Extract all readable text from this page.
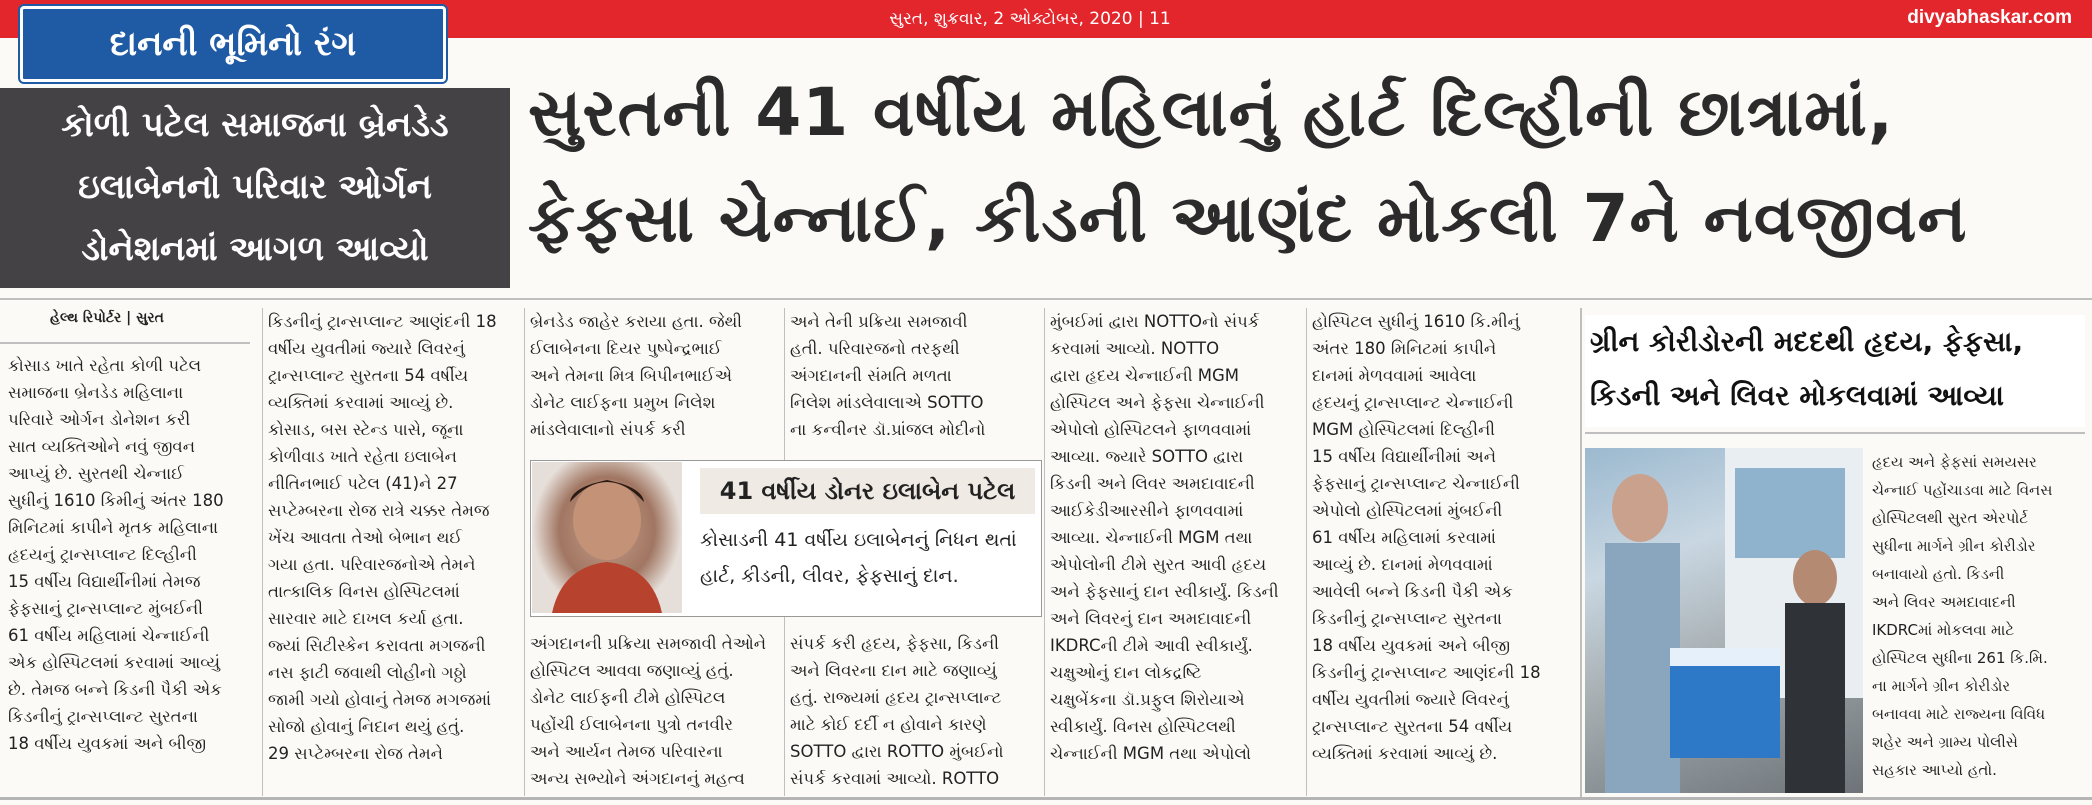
સુરત, શુક્રવાર, 2 ઓક્ટોબર, 2020 | 11	divyabhaskar.com
દાનની ભૂમિનો રંગ
કોળી પટેલ સમાજના બ્રેનડેડ
ઇલાબેનનો પરિવાર ઓર્ગન
ડોનેશનમાં આગળ આવ્યો
સુરતની 41 વર્ષીય મહિલાનું હાર્ટ દિલ્હીની છાત્રામાં,
ફેફસા ચેન્નાઈ, કીડની આણંદ મોકલી 7ને નવજીવન
હેલ્થ રિપોર્ટર | સુરત
કોસાડ ખાતે રહેતા કોળી પટેલ
સમાજના બ્રેનડેડ મહિલાના
પરિવારે ઓર્ગન ડોનેશન કરી
સાત વ્યક્તિઓને નવું જીવન
આપ્યું છે. સુરતથી ચેન્નાઈ
સુધીનું 1610 કિમીનું અંતર 180
મિનિટમાં કાપીને મૃતક મહિલાના
હૃદયનું ટ્રાન્સપ્લાન્ટ દિલ્હીની
15 વર્ષીય વિદ્યાર્થીનીમાં તેમજ
ફેફસાનું ટ્રાન્સપ્લાન્ટ મુંબઈની
61 વર્ષીય મહિલામાં ચેન્નાઈની
એક હોસ્પિટલમાં કરવામાં આવ્યું
છે. તેમજ બન્ને કિડની પૈકી એક
કિડનીનું ટ્રાન્સપ્લાન્ટ સુરતના
18 વર્ષીય યુવકમાં અને બીજી
કિડનીનું ટ્રાન્સપ્લાન્ટ આણંદની 18
વર્ષીય યુવતીમાં જ્યારે લિવરનું
ટ્રાન્સપ્લાન્ટ સુરતના 54 વર્ષીય
વ્યક્તિમાં કરવામાં આવ્યું છે.
કોસાડ, બસ સ્ટેન્ડ પાસે, જૂના
કોળીવાડ ખાતે રહેતા ઇલાબેન
નીતિનભાઈ પટેલ (41)ને 27
સપ્ટેમ્બરના રોજ રાત્રે ચક્કર તેમજ
ખેંચ આવતા તેઓ બેભાન થઈ
ગયા હતા. પરિવારજનોએ તેમને
તાત્કાલિક વિનસ હોસ્પિટલમાં
સારવાર માટે દાખલ કર્યા હતા.
જ્યાં સિટીસ્કેન કરાવતા મગજની
નસ ફાટી જવાથી લોહીનો ગઠ્ઠો
જામી ગયો હોવાનું તેમજ મગજમાં
સોજો હોવાનું નિદાન થયું હતું.
29 સપ્ટેમ્બરના રોજ તેમને
બ્રેનડેડ જાહેર કરાયા હતા. જેથી
ઈલાબેનના દિયર પુષ્પેન્દ્રભાઈ
અને તેમના મિત્ર બિપીનભાઈએ
ડોનેટ લાઈફના પ્રમુખ નિલેશ
માંડલેવાલાનો સંપર્ક કરી
અને તેની પ્રક્રિયા સમજાવી
હતી. પરિવારજનો તરફથી
અંગદાનની સંમતિ મળતા
નિલેશ માંડલેવાલાએ SOTTO
ના કન્વીનર ડૉ.પ્રાંજલ મોદીનો
અંગદાનની પ્રક્રિયા સમજાવી તેઓને
હોસ્પિટલ આવવા જણાવ્યું હતું.
ડોનેટ લાઈફની ટીમે હોસ્પિટલ
પહોંચી ઈલાબેનના પુત્રો તનવીર
અને આર્યન તેમજ પરિવારના
અન્ય સભ્યોને અંગદાનનું મહત્વ
સંપર્ક કરી હૃદય, ફેફસા, કિડની
અને લિવરના દાન માટે જણાવ્યું
હતું. રાજ્યમાં હૃદય ટ્રાન્સપ્લાન્ટ
માટે કોઈ દર્દી ન હોવાને કારણે
SOTTO દ્વારા ROTTO મુંબઈનો
સંપર્ક કરવામાં આવ્યો. ROTTO
મુંબઈમાં દ્વારા NOTTOનો સંપર્ક
કરવામાં આવ્યો. NOTTO
દ્વારા હૃદય ચેન્નાઈની MGM
હોસ્પિટલ અને ફેફસા ચેન્નાઈની
એપોલો હોસ્પિટલને ફાળવવામાં
આવ્યા. જ્યારે SOTTO દ્વારા
કિડની અને લિવર અમદાવાદની
આઈકેડીઆરસીને ફાળવવામાં
આવ્યા. ચેન્નાઈની MGM તથા
એપોલોની ટીમે સુરત આવી હૃદય
અને ફેફસાનું દાન સ્વીકાર્યું. કિડની
અને લિવરનું દાન અમદાવાદની
IKDRCની ટીમે આવી સ્વીકાર્યું.
ચક્ષુઓનું દાન લોકદ્રષ્ટિ
ચક્ષુબેંકના ડૉ.પ્રફુલ શિરોયાએ
સ્વીકાર્યું. વિનસ હોસ્પિટલથી
ચેન્નાઈની MGM તથા એપોલો
હોસ્પિટલ સુધીનું 1610 કિ.મીનું
અંતર 180 મિનિટમાં કાપીને
દાનમાં મેળવવામાં આવેલા
હૃદયનું ટ્રાન્સપ્લાન્ટ ચેન્નાઈની
MGM હોસ્પિટલમાં દિલ્હીની
15 વર્ષીય વિદ્યાર્થીનીમાં અને
ફેફસાનું ટ્રાન્સપ્લાન્ટ ચેન્નાઈની
એપોલો હોસ્પિટલમાં મુંબઈની
61 વર્ષીય મહિલામાં કરવામાં
આવ્યું છે. દાનમાં મેળવવામાં
આવેલી બન્ને કિડની પૈકી એક
કિડનીનું ટ્રાન્સપ્લાન્ટ સુરતના
18 વર્ષીય યુવકમાં અને બીજી
કિડનીનું ટ્રાન્સપ્લાન્ટ આણંદની 18
વર્ષીય યુવતીમાં જ્યારે લિવરનું
ટ્રાન્સપ્લાન્ટ સુરતના 54 વર્ષીય
વ્યક્તિમાં કરવામાં આવ્યું છે.
41 વર્ષીય ડોનર ઇલાબેન પટેલ
કોસાડની 41 વર્ષીય ઇલાબેનનું નિધન થતાં
હાર્ટ, કીડની, લીવર, ફેફસાનું દાન.
ગ્રીન કોરીડોરની મદદથી હૃદય, ફેફસા,
કિડની અને લિવર મોકલવામાં આવ્યા
હૃદય અને ફેફસાં સમયસર
ચેન્નાઈ પહોંચાડવા માટે વિનસ
હોસ્પિટલથી સુરત એરપોર્ટ
સુધીના માર્ગને ગ્રીન કોરીડોર
બનાવાયો હતો. કિડની
અને લિવર અમદાવાદની
IKDRCમાં મોકલવા માટે
હોસ્પિટલ સુધીના 261 કિ.મિ.
ના માર્ગને ગ્રીન કોરીડોર
બનાવવા માટે રાજ્યના વિવિધ
શહેર અને ગ્રામ્ય પોલીસે
સહકાર આપ્યો હતો.
